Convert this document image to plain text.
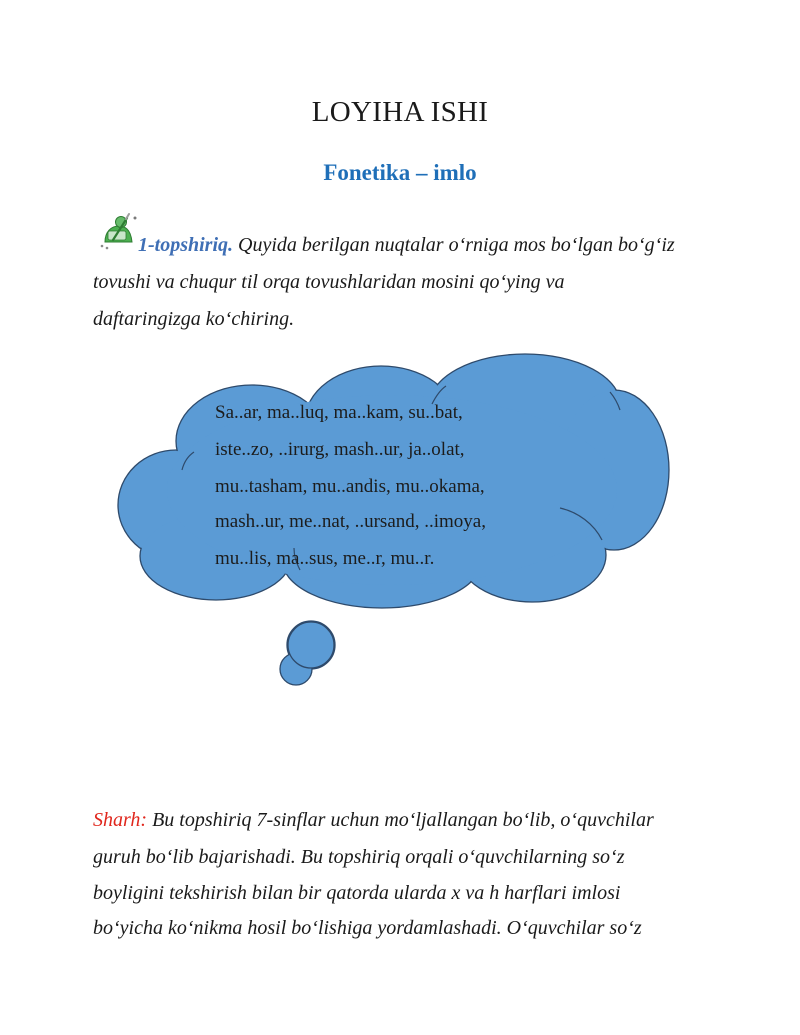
LOYIHA ISHI
Fonetika – imlo
1-topshiriq. Quyida berilgan nuqtalar o‘rniga mos bo‘lgan bo‘g‘iz
tovushi va chuqur til orqa tovushlaridan mosini qo‘ying va
daftaringizga ko‘chiring.
Sa..ar, ma..luq, ma..kam, su..bat,
iste..zo, ..irurg, mash..ur, ja..olat,
mu..tasham, mu..andis, mu..okama,
mash..ur, me..nat, ..ursand, ..imoya,
mu..lis, ma..sus, me..r, mu..r.
Sharh: Bu topshiriq 7-sinflar uchun mo‘ljallangan bo‘lib, o‘quvchilar
guruh bo‘lib bajarishadi. Bu topshiriq orqali o‘quvchilarning so‘z
boyligini tekshirish bilan bir qatorda ularda x va h harflari imlosi
bo‘yicha ko‘nikma hosil bo‘lishiga yordamlashadi. O‘quvchilar so‘z
